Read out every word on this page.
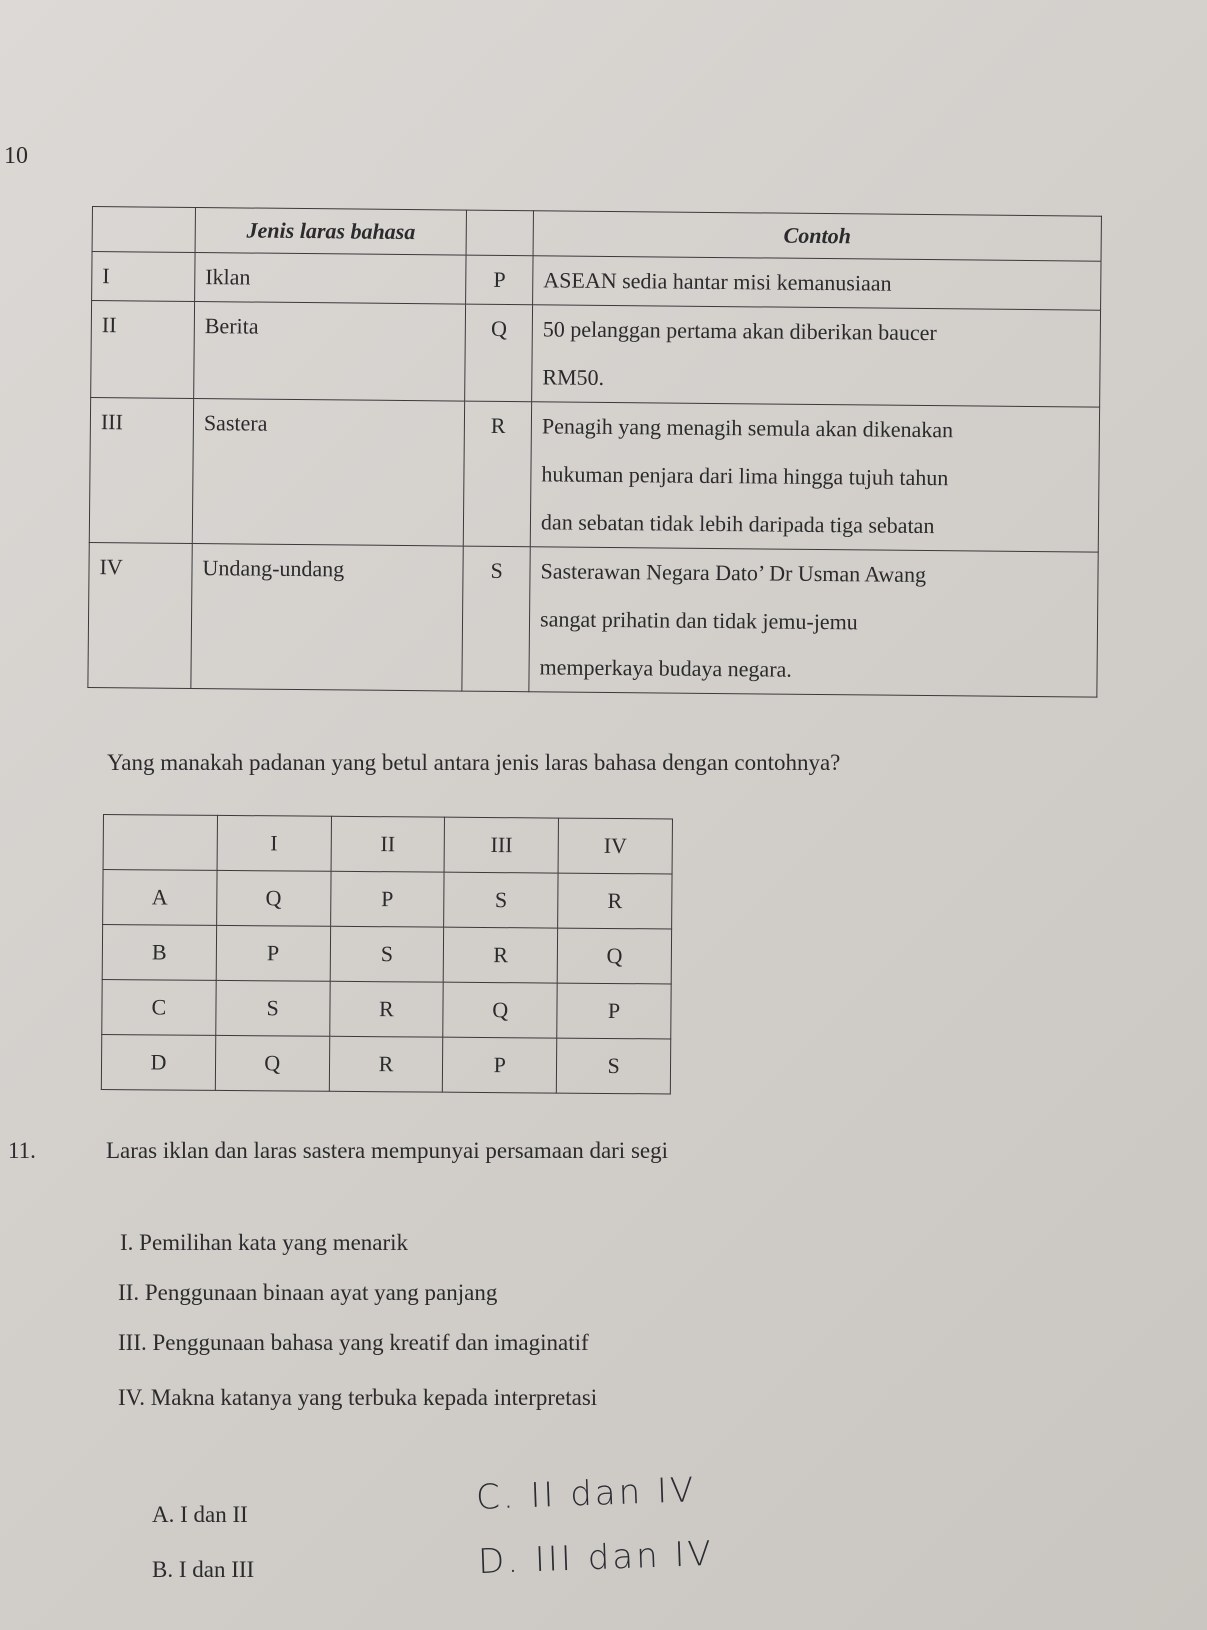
10
	Jenis laras bahasa		Contoh
I	Iklan	P	ASEAN sedia hantar misi kemanusiaan

II	Berita	Q	50 pelanggan pertama akan diberikan baucer
RM50.

III	Sastera	R	Penagih yang menagih semula akan dikenakan
hukuman penjara dari lima hingga tujuh tahun
dan sebatan tidak lebih daripada tiga sebatan

IV	Undang-undang	S	Sasterawan Negara Dato’ Dr Usman Awang
sangat prihatin dan tidak jemu-jemu
memperkaya budaya negara.
Yang manakah padanan yang betul antara jenis laras bahasa dengan contohnya?
	I	II	III	IV
A	Q	P	S	R
B	P	S	R	Q
C	S	R	Q	P
D	Q	R	P	S
11.	Laras iklan dan laras sastera mempunyai persamaan dari segi
I. Pemilihan kata yang menarik
II. Penggunaan binaan ayat yang panjang
III. Penggunaan bahasa yang kreatif dan imaginatif
IV. Makna katanya yang terbuka kepada interpretasi
A. I dan II
B. I dan III
C. II dan IV
D. III dan IV
